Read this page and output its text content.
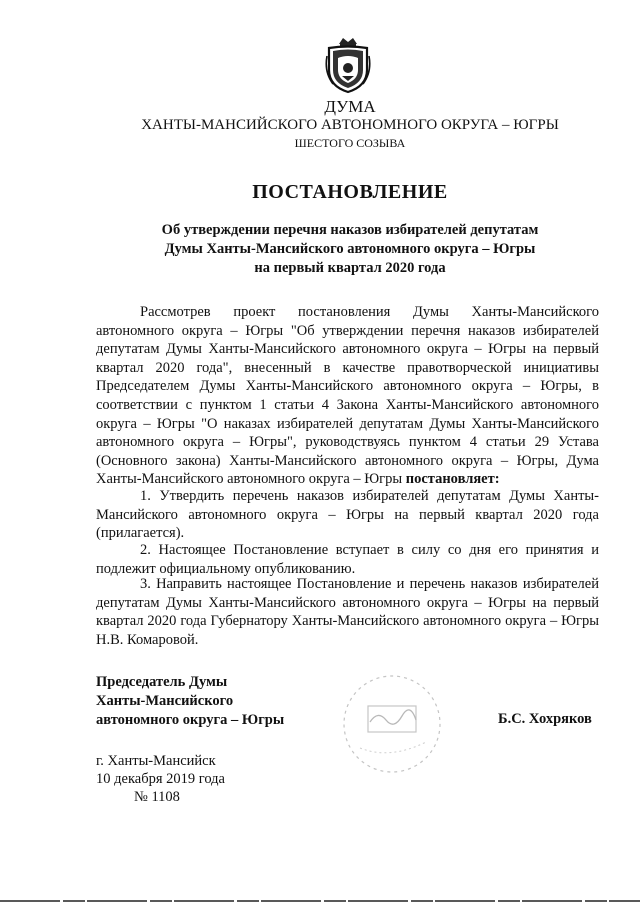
ДУМА
ХАНТЫ-МАНСИЙСКОГО АВТОНОМНОГО ОКРУГА – ЮГРЫ
ШЕСТОГО СОЗЫВА
ПОСТАНОВЛЕНИЕ
Об утверждении перечня наказов избирателей депутатам
Думы Ханты-Мансийского автономного округа – Югры
на первый квартал 2020 года

Рассмотрев проект постановления Думы Ханты-Мансийского автономного округа – Югры "Об утверждении перечня наказов избирателей депутатам Думы Ханты-Мансийского автономного округа – Югры на первый квартал 2020 года", внесенный в качестве правотворческой инициативы Председателем Думы Ханты-Мансийского автономного округа – Югры, в соответствии с пунктом 1 статьи 4 Закона Ханты-Мансийского автономного округа – Югры "О наказах избирателей депутатам Думы Ханты-Мансийского автономного округа – Югры", руководствуясь пунктом 4 статьи 29 Устава (Основного закона) Ханты-Мансийского автономного округа – Югры, Дума Ханты-Мансийского автономного округа – Югры постановляет:

1. Утвердить перечень наказов избирателей депутатам Думы Ханты-Мансийского автономного округа – Югры на первый квартал 2020 года (прилагается).

2. Настоящее Постановление вступает в силу со дня его принятия и подлежит официальному опубликованию.

3. Направить настоящее Постановление и перечень наказов избирателей депутатам Думы Ханты-Мансийского автономного округа – Югры на первый квартал 2020 года Губернатору Ханты-Мансийского автономного округа – Югры Н.В. Комаровой.

Председатель Думы
Ханты-Мансийского
автономного округа – Югры	Б.С. Хохряков
г. Ханты-Мансийск
10 декабря 2019 года
№ 1108
